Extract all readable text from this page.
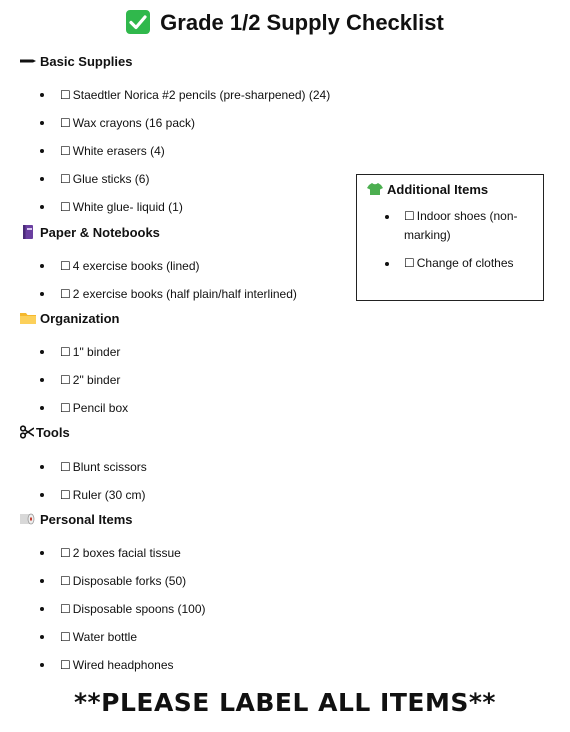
Grade 1/2 Supply Checklist
Basic Supplies
☐ Staedtler Norica #2 pencils (pre-sharpened) (24)
☐ Wax crayons (16 pack)
☐ White erasers (4)
☐ Glue sticks (6)
☐ White glue- liquid (1)
Paper & Notebooks
☐ 4 exercise books (lined)
☐ 2 exercise books (half plain/half interlined)
Organization
☐ 1" binder
☐ 2" binder
☐ Pencil box
Tools
☐ Blunt scissors
☐ Ruler (30 cm)
Personal Items
☐ 2 boxes facial tissue
☐ Disposable forks (50)
☐ Disposable spoons (100)
☐ Water bottle
☐ Wired headphones
Additional Items
☐ Indoor shoes (non-marking)
☐ Change of clothes
**PLEASE LABEL ALL ITEMS**
